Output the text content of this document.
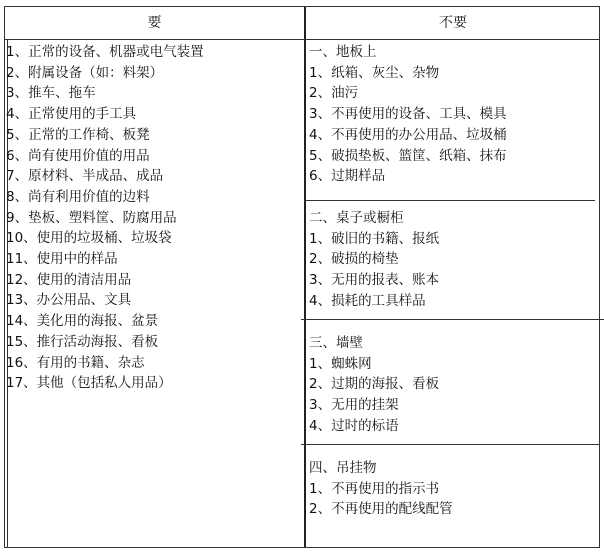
要	不要
1、正常的设备、机器或电气装置
2、附属设备（如：料架）
3、推车、拖车
4、正常使用的手工具
5、正常的工作椅、板凳
6、尚有使用价值的用品
7、原材料、半成品、成品
8、尚有利用价值的边料
9、垫板、塑料筐、防腐用品
10、使用的垃圾桶、垃圾袋
11、使用中的样品
12、使用的清洁用品
13、办公用品、文具
14、美化用的海报、盆景
15、推行活动海报、看板
16、有用的书籍、杂志
17、其他（包括私人用品）
一、地板上
1、纸箱、灰尘、杂物
2、油污
3、不再使用的设备、工具、模具
4、不再使用的办公用品、垃圾桶
5、破损垫板、篮筐、纸箱、抹布
6、过期样品
二、桌子或橱柜
1、破旧的书籍、报纸
2、破损的椅垫
3、无用的报表、账本
4、损耗的工具样品
三、墙壁
1、蜘蛛网
2、过期的海报、看板
3、无用的挂架
4、过时的标语
四、吊挂物
1、不再使用的指示书
2、不再使用的配线配管
